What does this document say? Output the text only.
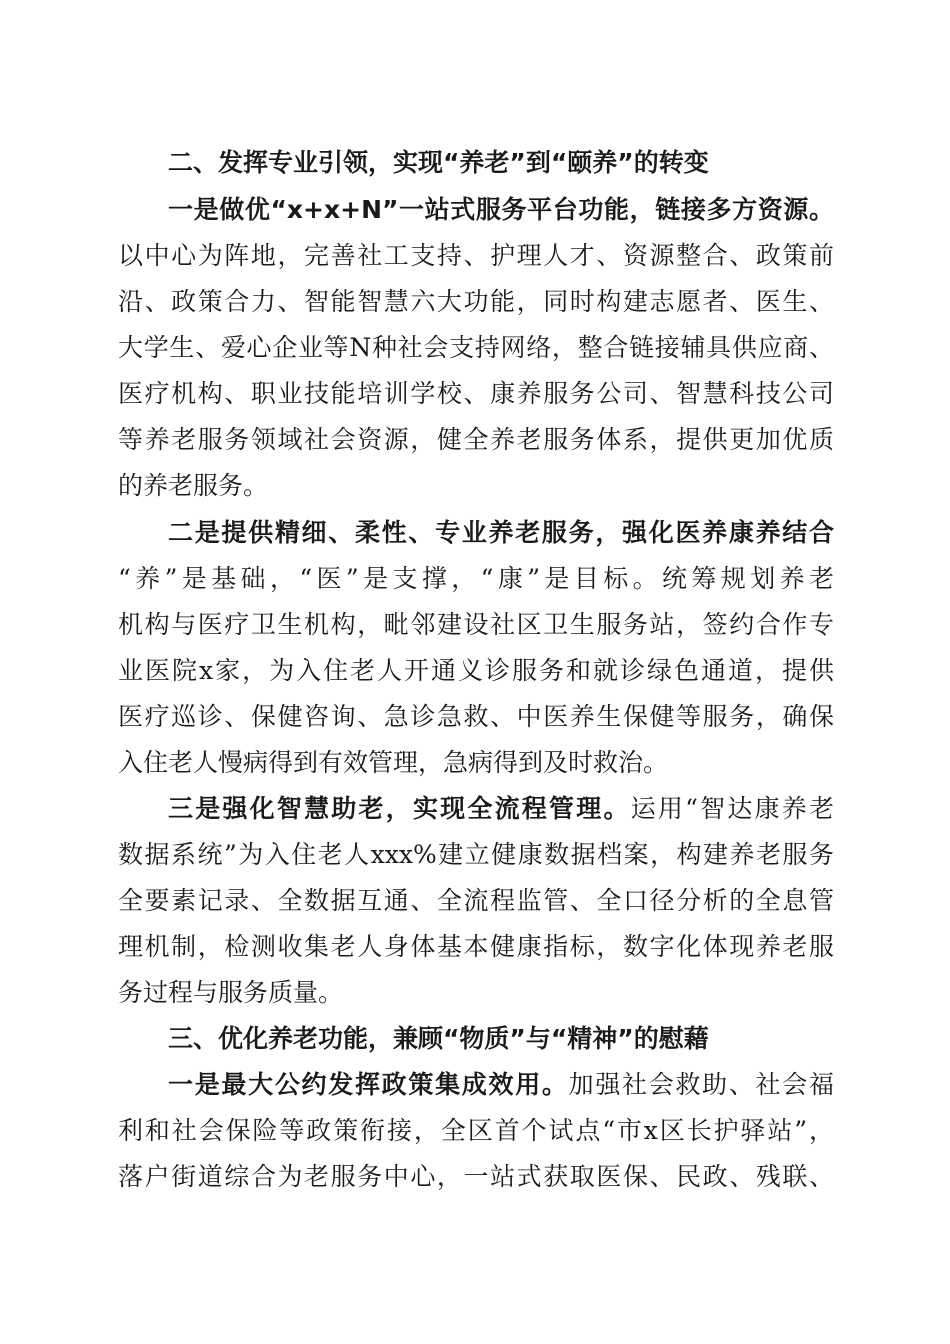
二、发挥专业引领，实现“养老”到“颐养”的转变
一是做优“x+x+N”一站式服务平台功能，链接多方资源。
以中心为阵地，完善社工支持、护理人才、资源整合、政策前
沿、政策合力、智能智慧六大功能，同时构建志愿者、医生、
大学生、爱心企业等N种社会支持网络，整合链接辅具供应商、
医疗机构、职业技能培训学校、康养服务公司、智慧科技公司
等养老服务领域社会资源，健全养老服务体系，提供更加优质
的养老服务。
二是提供精细、柔性、专业养老服务，强化医养康养结合
“养”是基础，“医”是支撑，“康”是目标。统筹规划养老
机构与医疗卫生机构，毗邻建设社区卫生服务站，签约合作专
业医院x家，为入住老人开通义诊服务和就诊绿色通道，提供
医疗巡诊、保健咨询、急诊急救、中医养生保健等服务，确保
入住老人慢病得到有效管理，急病得到及时救治。
三是强化智慧助老，实现全流程管理。运用“智达康养老
数据系统”为入住老人xxx%建立健康数据档案，构建养老服务
全要素记录、全数据互通、全流程监管、全口径分析的全息管
理机制，检测收集老人身体基本健康指标，数字化体现养老服
务过程与服务质量。
三、优化养老功能，兼顾“物质”与“精神”的慰藉
一是最大公约发挥政策集成效用。加强社会救助、社会福
利和社会保险等政策衔接，全区首个试点“市x区长护驿站”，
落户街道综合为老服务中心，一站式获取医保、民政、残联、
